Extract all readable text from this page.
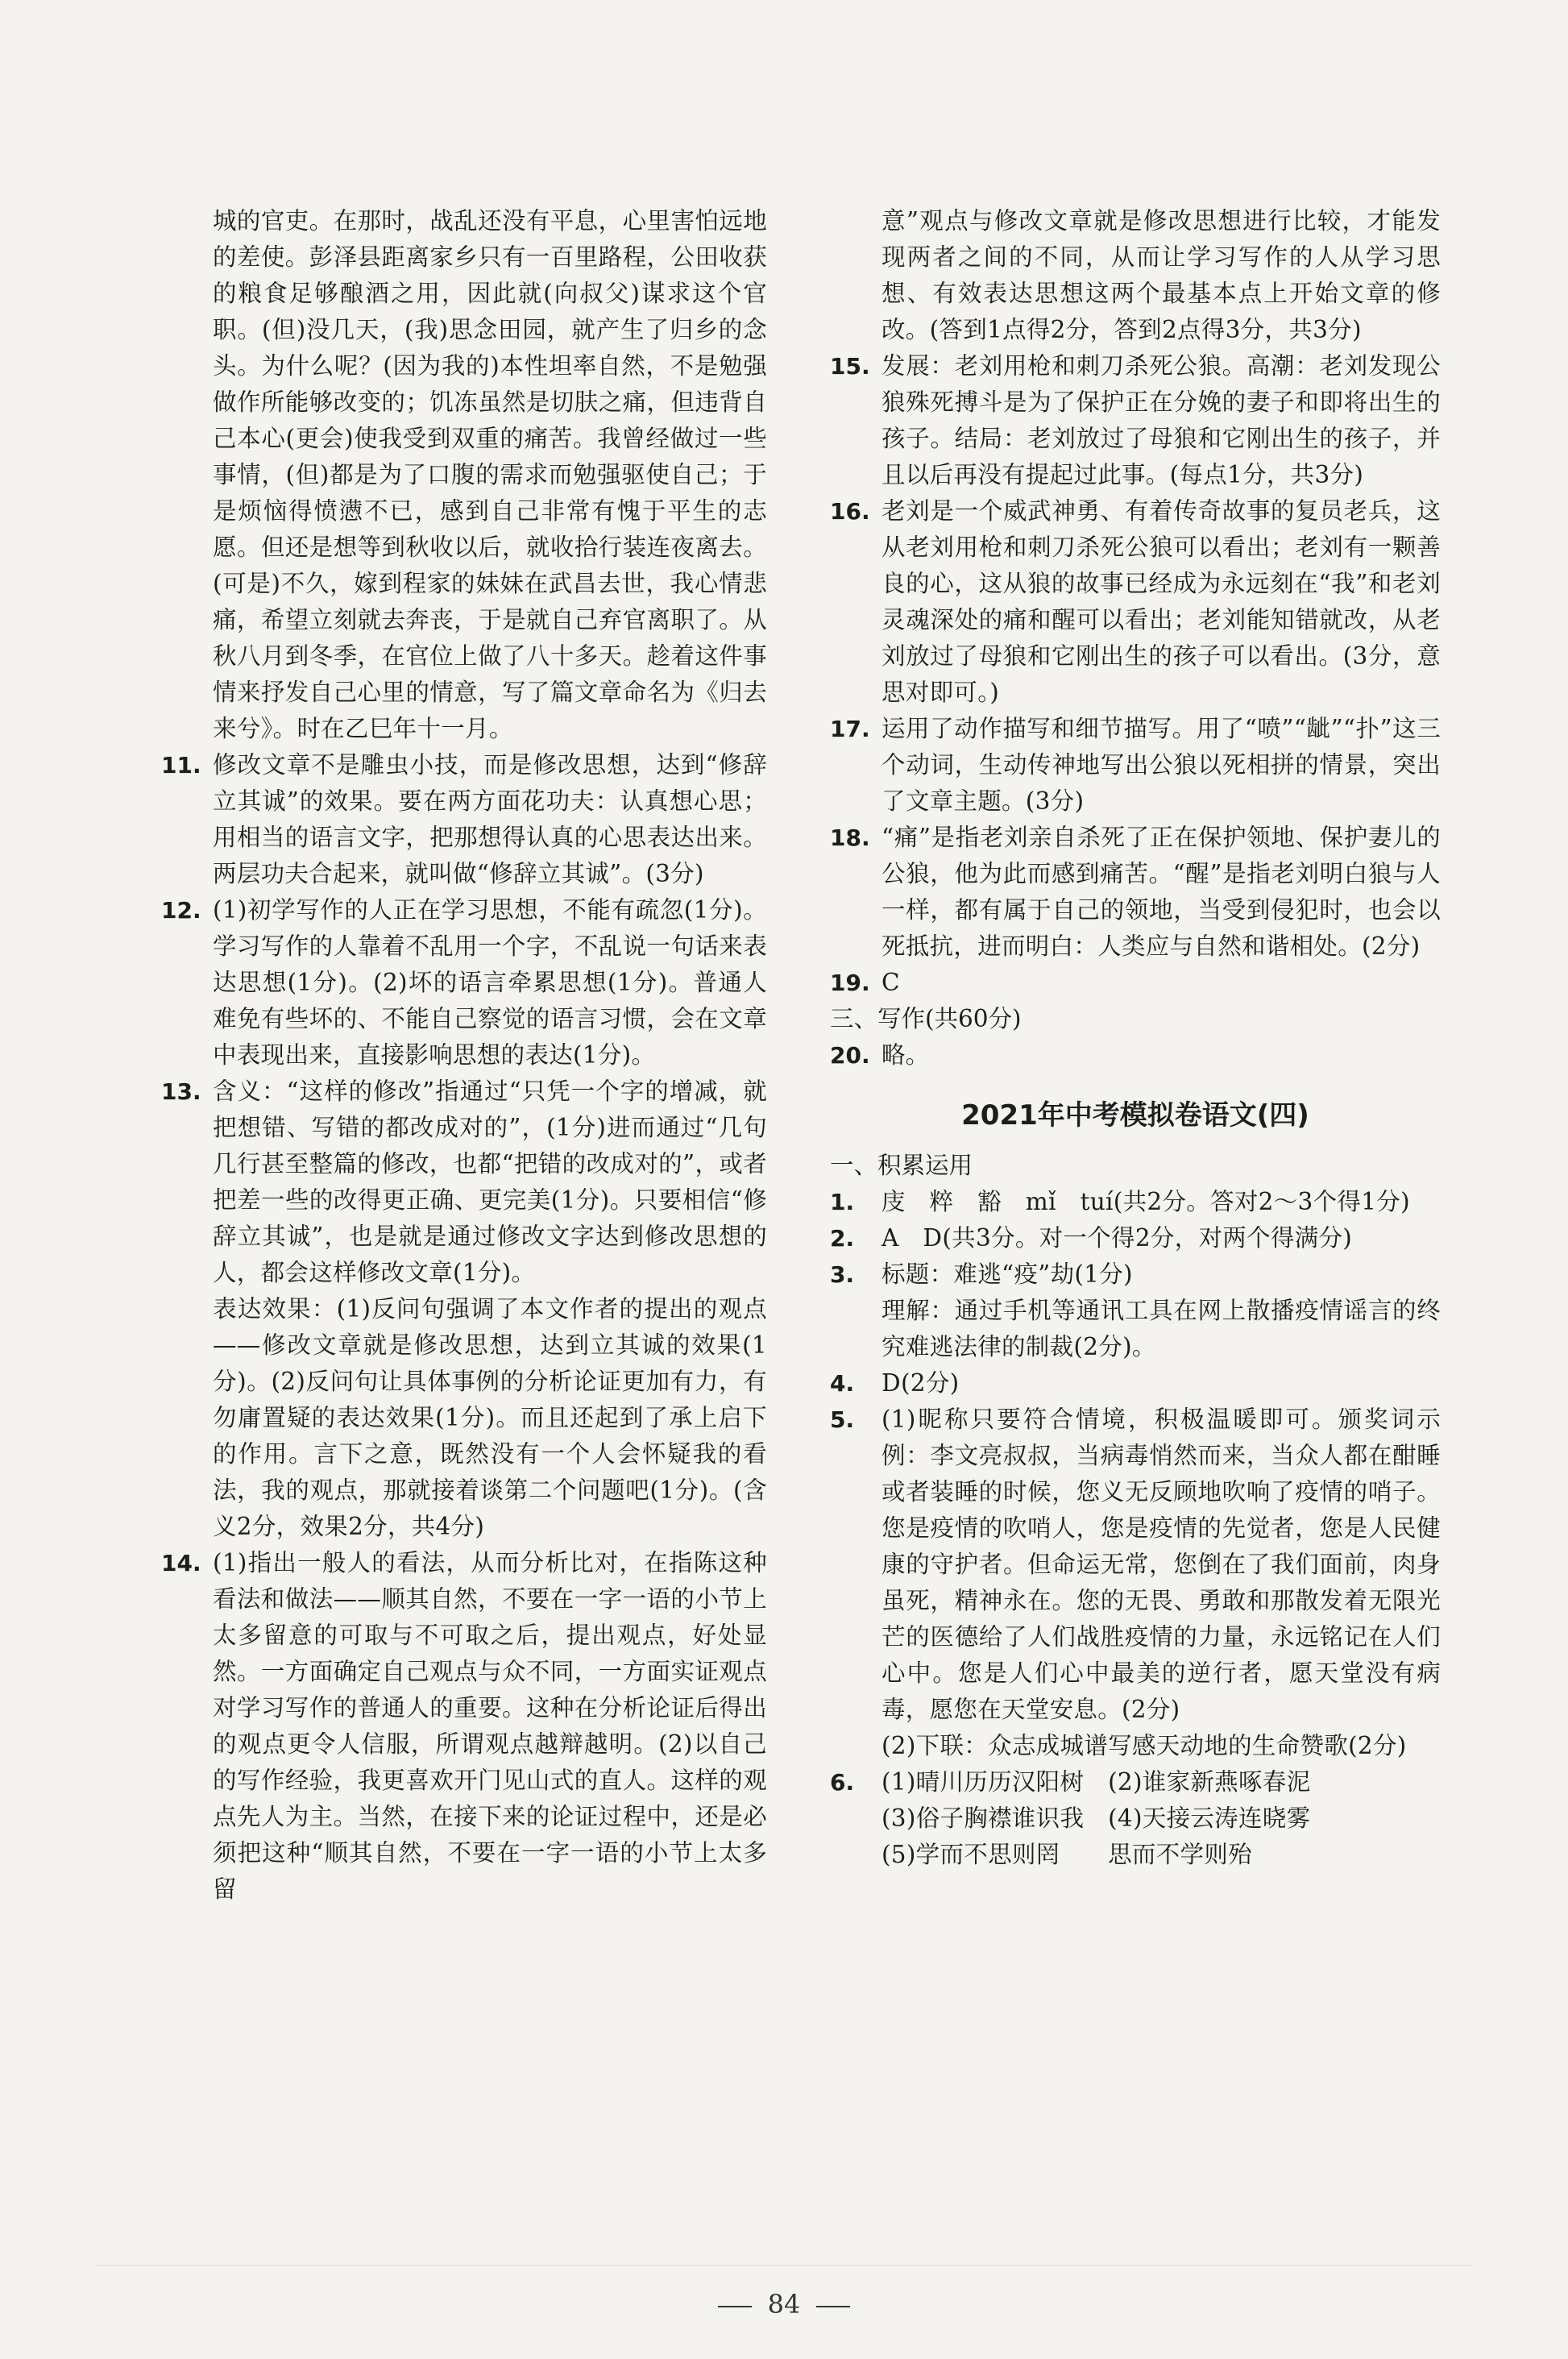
城的官吏。在那时，战乱还没有平息，心里害怕远地的差使。彭泽县距离家乡只有一百里路程，公田收获的粮食足够酿酒之用，因此就(向叔父)谋求这个官职。(但)没几天，(我)思念田园，就产生了归乡的念头。为什么呢？(因为我的)本性坦率自然，不是勉强做作所能够改变的；饥冻虽然是切肤之痛，但违背自己本心(更会)使我受到双重的痛苦。我曾经做过一些事情，(但)都是为了口腹的需求而勉强驱使自己；于是烦恼得愤懑不已，感到自己非常有愧于平生的志愿。但还是想等到秋收以后，就收拾行装连夜离去。(可是)不久，嫁到程家的妹妹在武昌去世，我心情悲痛，希望立刻就去奔丧，于是就自己弃官离职了。从秋八月到冬季，在官位上做了八十多天。趁着这件事情来抒发自己心里的情意，写了篇文章命名为《归去来兮》。时在乙巳年十一月。

11. 修改文章不是雕虫小技，而是修改思想，达到“修辞立其诚”的效果。要在两方面花功夫：认真想心思；用相当的语言文字，把那想得认真的心思表达出来。两层功夫合起来，就叫做“修辞立其诚”。(3分)

12. (1)初学写作的人正在学习思想，不能有疏忽(1分)。学习写作的人靠着不乱用一个字，不乱说一句话来表达思想(1分)。(2)坏的语言牵累思想(1分)。普通人难免有些坏的、不能自己察觉的语言习惯，会在文章中表现出来，直接影响思想的表达(1分)。

13. 含义：“这样的修改”指通过“只凭一个字的增减，就把想错、写错的都改成对的”，(1分)进而通过“几句几行甚至整篇的修改，也都“把错的改成对的”，或者把差一些的改得更正确、更完美(1分)。只要相信“修辞立其诚”，也是就是通过修改文字达到修改思想的人，都会这样修改文章(1分)。

表达效果：(1)反问句强调了本文作者的提出的观点——修改文章就是修改思想，达到立其诚的效果(1分)。(2)反问句让具体事例的分析论证更加有力，有勿庸置疑的表达效果(1分)。而且还起到了承上启下的作用。言下之意，既然没有一个人会怀疑我的看法，我的观点，那就接着谈第二个问题吧(1分)。(含义2分，效果2分，共4分)

14. (1)指出一般人的看法，从而分析比对，在指陈这种看法和做法——顺其自然，不要在一字一语的小节上太多留意的可取与不可取之后，提出观点，好处显然。一方面确定自己观点与众不同，一方面实证观点对学习写作的普通人的重要。这种在分析论证后得出的观点更令人信服，所谓观点越辩越明。(2)以自己的写作经验，我更喜欢开门见山式的直人。这样的观点先人为主。当然，在接下来的论证过程中，还是必须把这种“顺其自然，不要在一字一语的小节上太多留

意”观点与修改文章就是修改思想进行比较，才能发现两者之间的不同，从而让学习写作的人从学习思想、有效表达思想这两个最基本点上开始文章的修改。(答到1点得2分，答到2点得3分，共3分)

15. 发展：老刘用枪和刺刀杀死公狼。高潮：老刘发现公狼殊死搏斗是为了保护正在分娩的妻子和即将出生的孩子。结局：老刘放过了母狼和它刚出生的孩子，并且以后再没有提起过此事。(每点1分，共3分)

16. 老刘是一个威武神勇、有着传奇故事的复员老兵，这从老刘用枪和刺刀杀死公狼可以看出；老刘有一颗善良的心，这从狼的故事已经成为永远刻在“我”和老刘灵魂深处的痛和醒可以看出；老刘能知错就改，从老刘放过了母狼和它刚出生的孩子可以看出。(3分，意思对即可。)

17. 运用了动作描写和细节描写。用了“喷”“龇”“扑”这三个动词，生动传神地写出公狼以死相拼的情景，突出了文章主题。(3分)

18. “痛”是指老刘亲自杀死了正在保护领地、保护妻儿的公狼，他为此而感到痛苦。“醒”是指老刘明白狼与人一样，都有属于自己的领地，当受到侵犯时，也会以死抵抗，进而明白：人类应与自然和谐相处。(2分)

19. C

三、写作(共60分)

20. 略。

2021年中考模拟卷语文(四)

一、积累运用

1. 庋　粹　豁　mǐ　tuí(共2分。答对2～3个得1分)

2. A　D(共3分。对一个得2分，对两个得满分)

3. 标题：难逃“疫”劫(1分)

理解：通过手机等通讯工具在网上散播疫情谣言的终究难逃法律的制裁(2分)。

4. D(2分)

5. (1)昵称只要符合情境，积极温暖即可。颁奖词示例：李文亮叔叔，当病毒悄然而来，当众人都在酣睡或者装睡的时候，您义无反顾地吹响了疫情的哨子。您是疫情的吹哨人，您是疫情的先觉者，您是人民健康的守护者。但命运无常，您倒在了我们面前，肉身虽死，精神永在。您的无畏、勇敢和那散发着无限光芒的医德给了人们战胜疫情的力量，永远铭记在人们心中。您是人们心中最美的逆行者，愿天堂没有病毒，愿您在天堂安息。(2分)

(2)下联：众志成城谱写感天动地的生命赞歌(2分)

6. (1)晴川历历汉阳树　(2)谁家新燕啄春泥

(3)俗子胸襟谁识我　(4)天接云涛连晓雾

(5)学而不思则罔　　思而不学则殆

84
